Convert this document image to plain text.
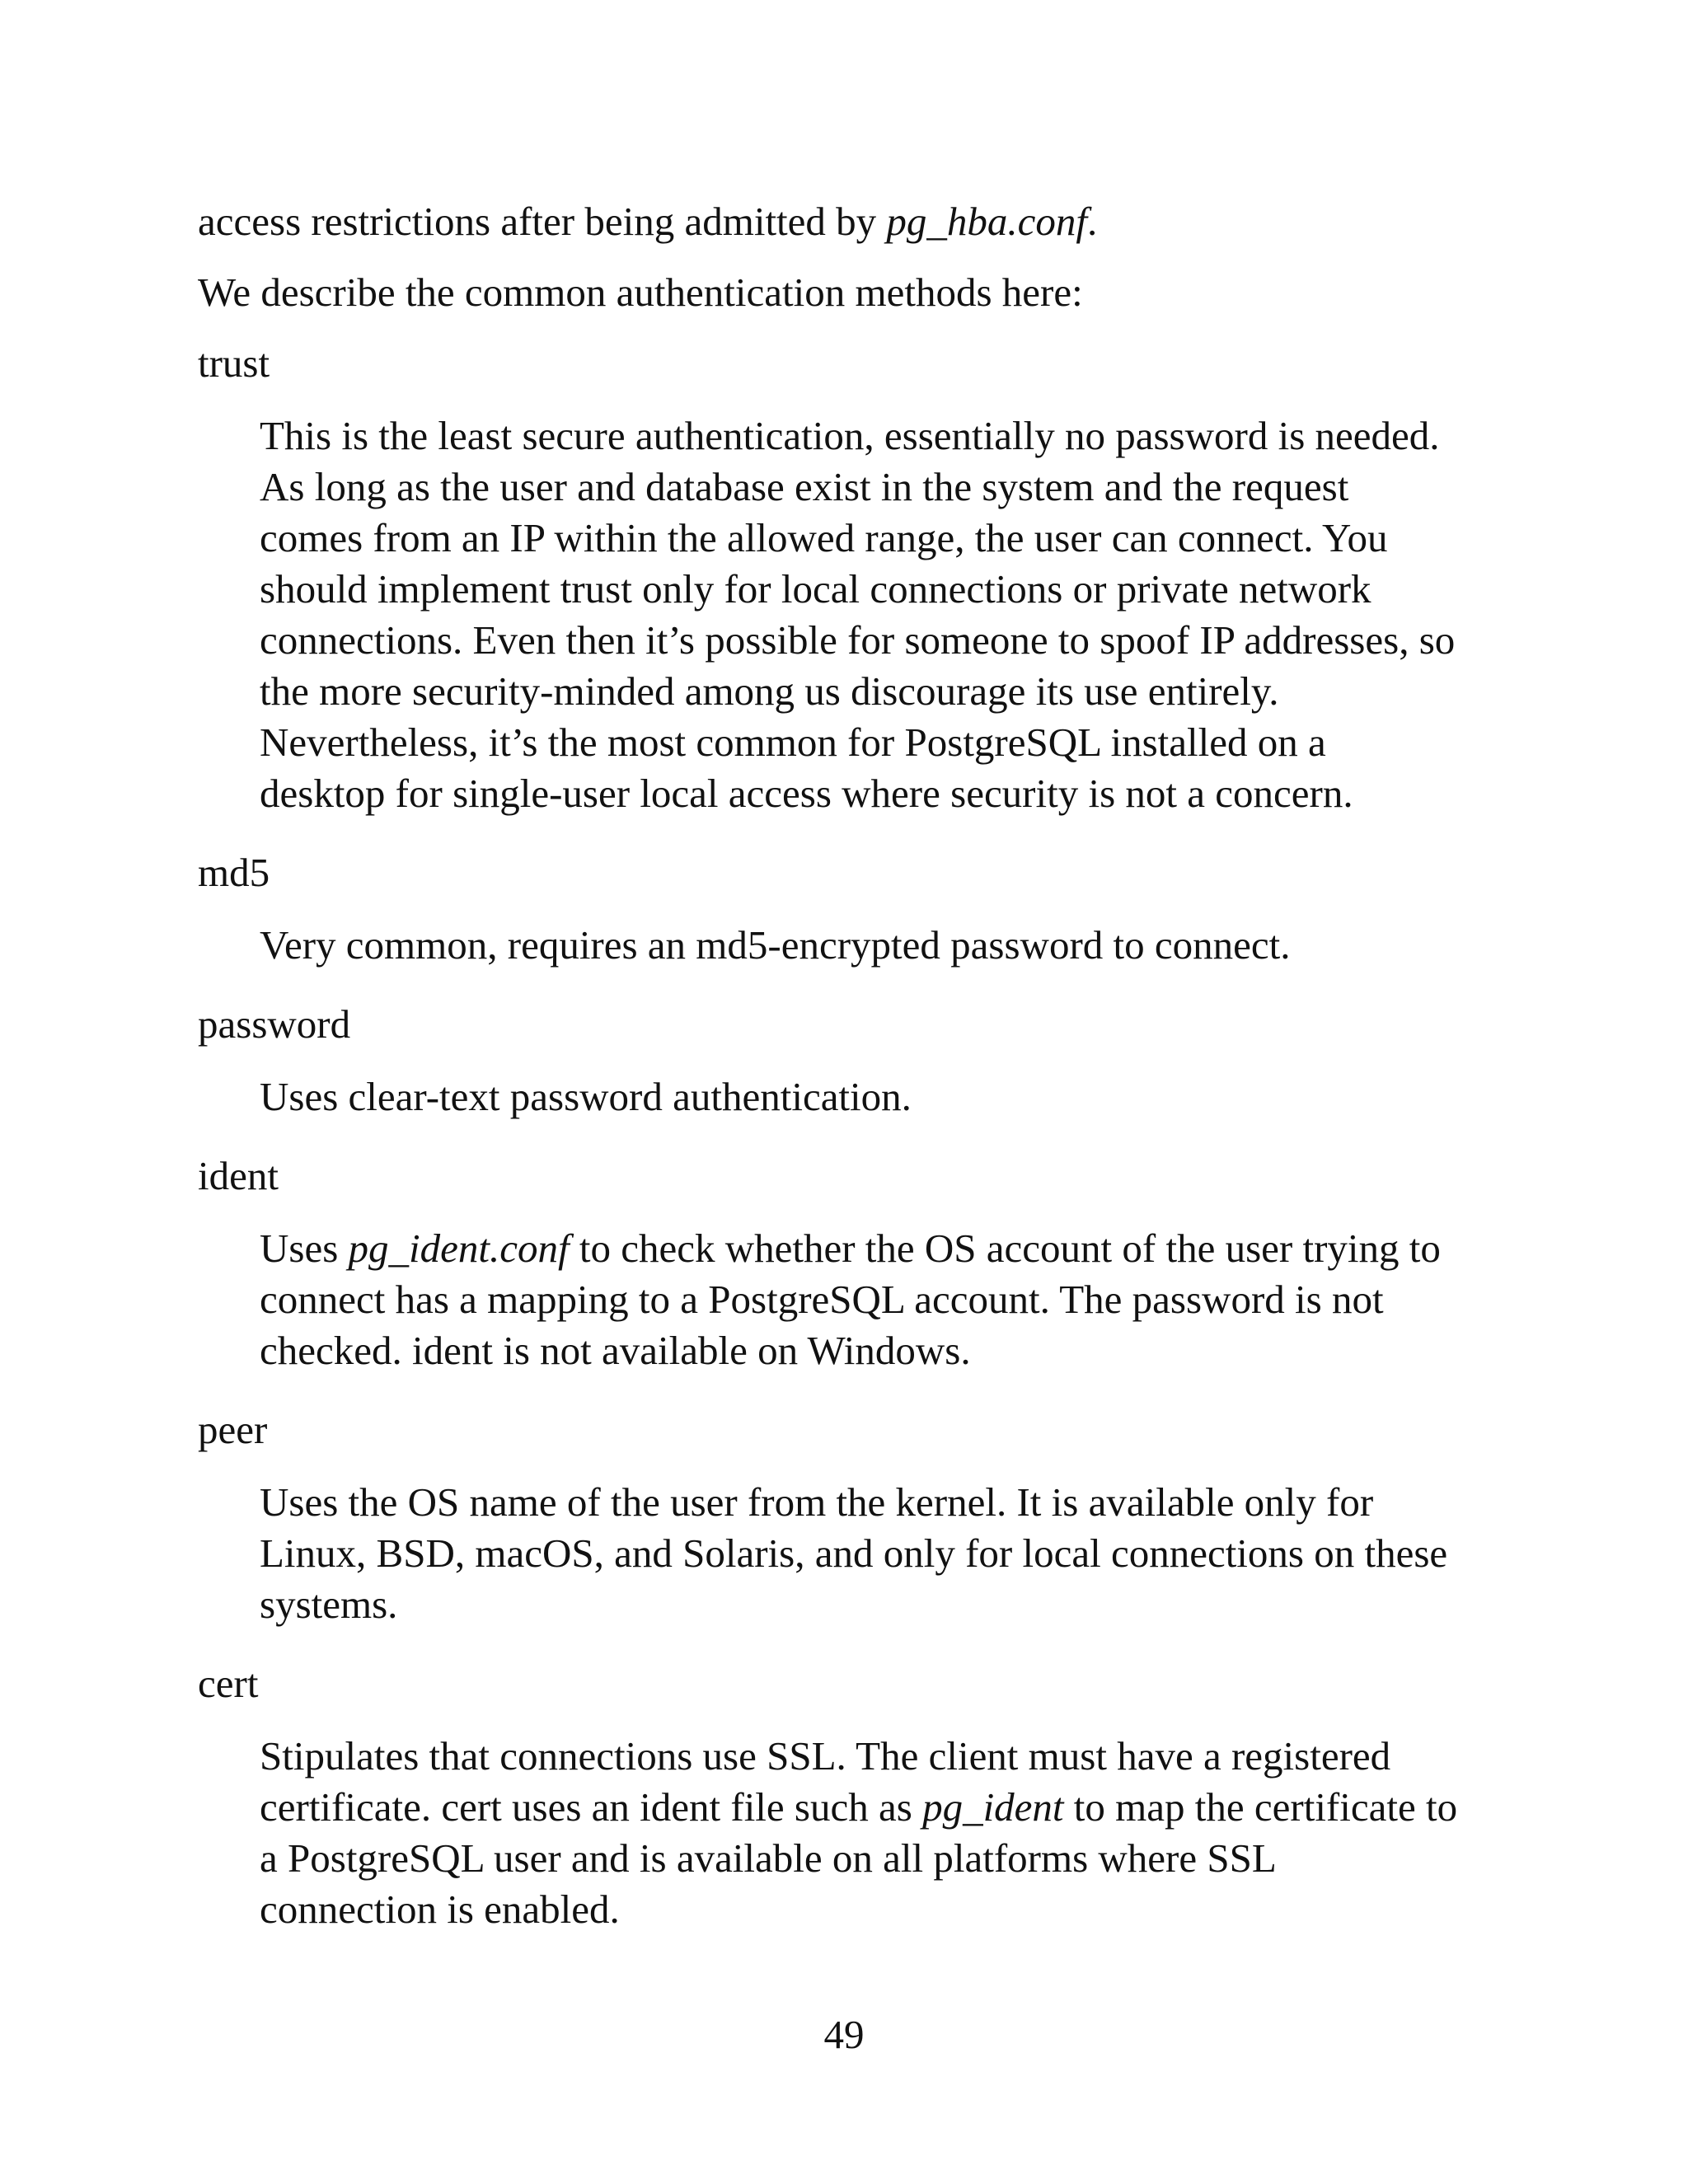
access restrictions after being admitted by pg_hba.conf.

We describe the common authentication methods here:

trust
This is the least secure authentication, essentially no password is needed.
As long as the user and database exist in the system and the request
comes from an IP within the allowed range, the user can connect. You
should implement trust only for local connections or private network
connections. Even then it’s possible for someone to spoof IP addresses, so
the more security-minded among us discourage its use entirely.
Nevertheless, it’s the most common for PostgreSQL installed on a
desktop for single-user local access where security is not a concern.
md5
Very common, requires an md5-encrypted password to connect.
password
Uses clear-text password authentication.
ident
Uses pg_ident.conf to check whether the OS account of the user trying to
connect has a mapping to a PostgreSQL account. The password is not
checked. ident is not available on Windows.
peer
Uses the OS name of the user from the kernel. It is available only for
Linux, BSD, macOS, and Solaris, and only for local connections on these
systems.
cert
Stipulates that connections use SSL. The client must have a registered
certificate. cert uses an ident file such as pg_ident to map the certificate to
a PostgreSQL user and is available on all platforms where SSL
connection is enabled.
49
